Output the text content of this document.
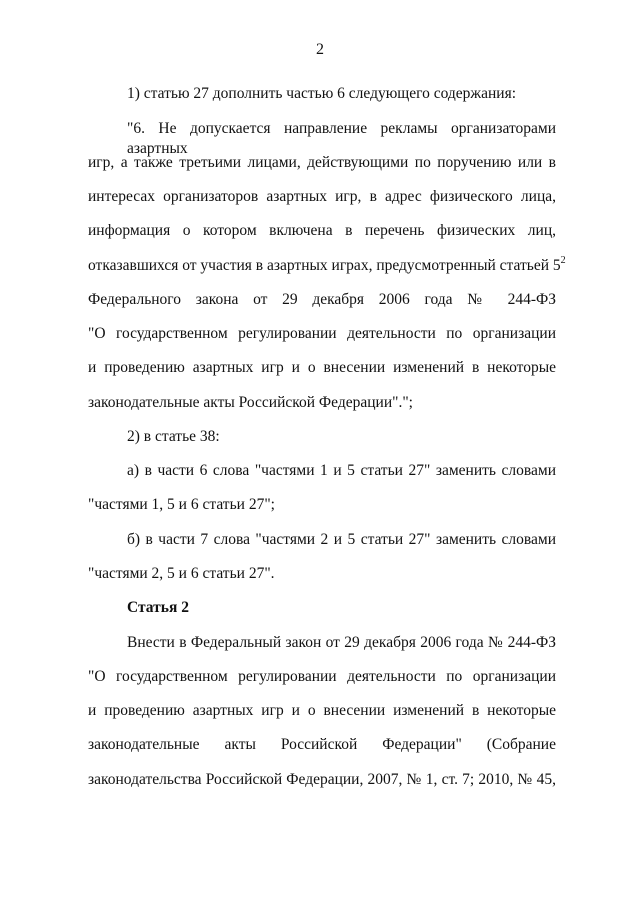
2
1) статью 27 дополнить частью 6 следующего содержания:
"6. Не допускается направление рекламы организаторами азартных
игр, а также третьими лицами, действующими по поручению или в
интересах организаторов азартных игр, в адрес физического лица,
информация о котором включена в перечень физических лиц,
отказавшихся от участия в азартных играх, предусмотренный статьей $5^2$
Федерального закона от 29 декабря 2006 года № 244-ФЗ
"О государственном регулировании деятельности по организации
и проведению азартных игр и о внесении изменений в некоторые
законодательные акты Российской Федерации".";
2) в статье 38:
а) в части 6 слова "частями 1 и 5 статьи 27" заменить словами
"частями 1, 5 и 6 статьи 27";
б) в части 7 слова "частями 2 и 5 статьи 27" заменить словами
"частями 2, 5 и 6 статьи 27".
Статья 2
Внести в Федеральный закон от 29 декабря 2006 года № 244-ФЗ
"О государственном регулировании деятельности по организации
и проведению азартных игр и о внесении изменений в некоторые
законодательные акты Российской Федерации" (Собрание
законодательства Российской Федерации, 2007, № 1, ст. 7; 2010, № 45,
